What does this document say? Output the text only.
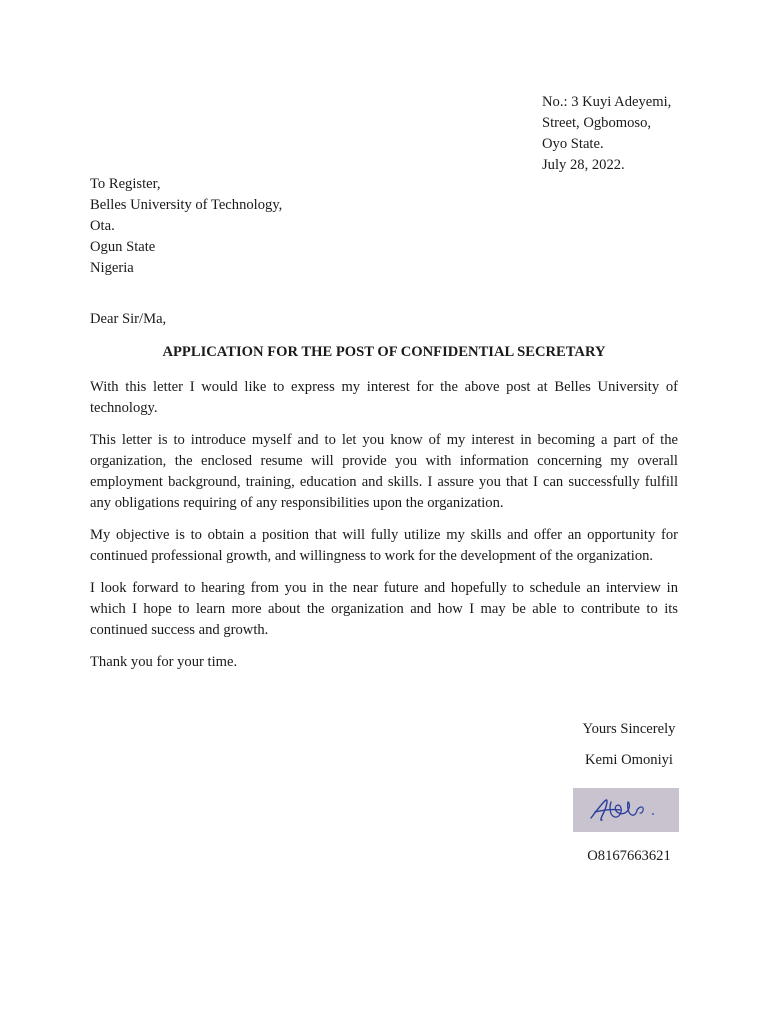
No.: 3 Kuyi Adeyemi,
Street, Ogbomoso,
Oyo State.
July 28, 2022.
To Register,
Belles University of Technology,
Ota.
Ogun State
Nigeria
Dear Sir/Ma,
APPLICATION FOR THE POST OF CONFIDENTIAL SECRETARY

With this letter I would like to express my interest for the above post at Belles University of technology.

This letter is to introduce myself and to let you know of my interest in becoming a part of the organization, the enclosed resume will provide you with information concerning my overall employment background, training, education and skills. I assure you that I can successfully fulfill any obligations requiring of any responsibilities upon the organization.

My objective is to obtain a position that will fully utilize my skills and offer an opportunity for continued professional growth, and willingness to work for the development of the organization.

I look forward to hearing from you in the near future and hopefully to schedule an interview in which I hope to learn more about the organization and how I may be able to contribute to its continued success and growth.

Thank you for your time.

Yours Sincerely
Kemi Omoniyi
O8167663621
